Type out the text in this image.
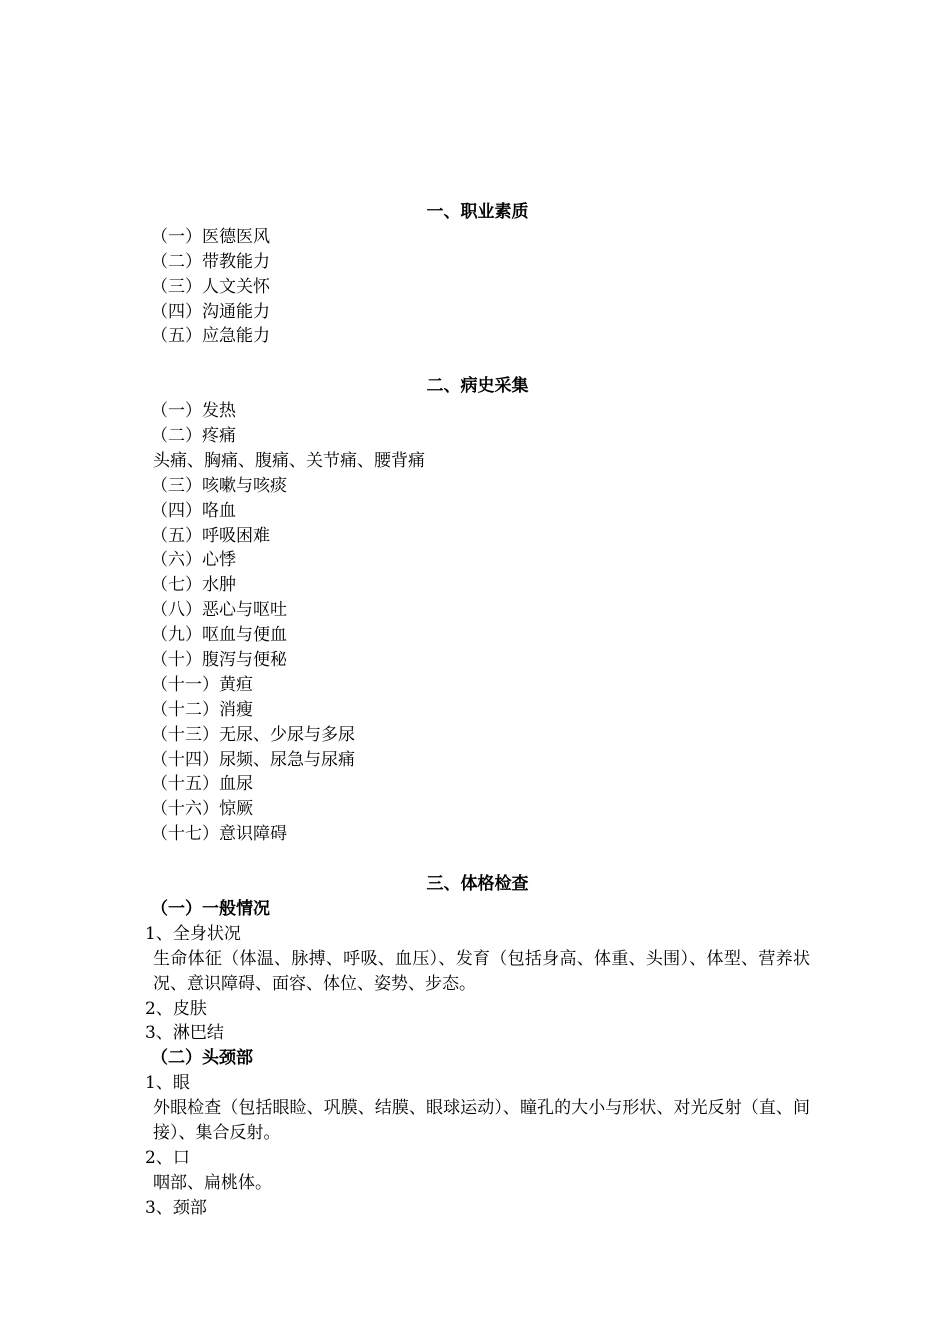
一、职业素质
（一）医德医风
（二）带教能力
（三）人文关怀
（四）沟通能力
（五）应急能力
二、病史采集
（一）发热
（二）疼痛
头痛、胸痛、腹痛、关节痛、腰背痛
（三）咳嗽与咳痰
（四）咯血
（五）呼吸困难
（六）心悸
（七）水肿
（八）恶心与呕吐
（九）呕血与便血
（十）腹泻与便秘
（十一）黄疸
（十二）消瘦
（十三）无尿、少尿与多尿
（十四）尿频、尿急与尿痛
（十五）血尿
（十六）惊厥
（十七）意识障碍
三、体格检查
（一）一般情况
1、全身状况
生命体征（体温、脉搏、呼吸、血压）、发育（包括身高、体重、头围）、体型、营养状况、意识障碍、面容、体位、姿势、步态。
2、皮肤
3、淋巴结
（二）头颈部
1、眼
外眼检查（包括眼睑、巩膜、结膜、眼球运动）、瞳孔的大小与形状、对光反射（直、间接）、集合反射。
2、口
咽部、扁桃体。
3、颈部
